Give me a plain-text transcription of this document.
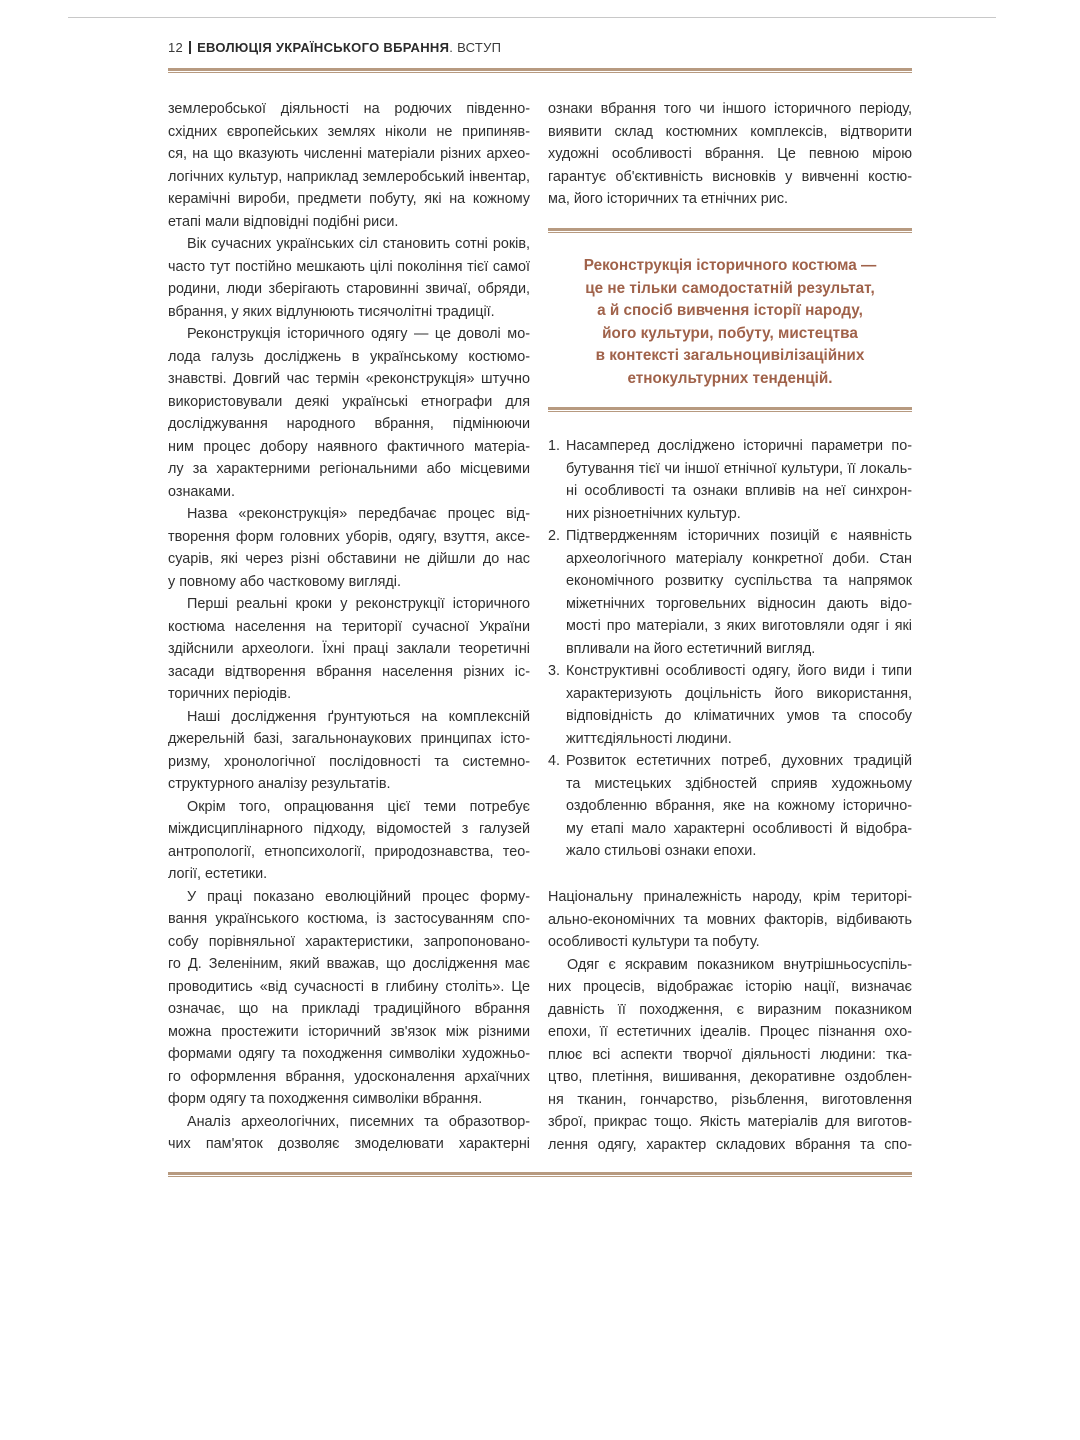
12 ЕВОЛЮЦІЯ УКРАЇНСЬКОГО ВБРАННЯ. ВСТУП
землеробської діяльності на родючих південно-
східних європейських землях ніколи не припиняв-
ся, на що вказують численні матеріали різних архео-
логічних культур, наприклад землеробський інвентар,
керамічні вироби, предмети побуту, які на кожному
етапі мали відповідні подібні риси.
Вік сучасних українських сіл становить сотні років,
часто тут постійно мешкають цілі покоління тієї самої
родини, люди зберігають старовинні звичаї, обряди,
вбрання, у яких відлунюють тисячолітні традиції.
Реконструкція історичного одягу — це доволі мо-
лода галузь досліджень в українському костюмо-
знавстві. Довгий час термін «реконструкція» штучно
використовували деякі українські етнографи для
досліджування народного вбрання, підмінюючи
ним процес добору наявного фактичного матеріа-
лу за характерними регіональними або місцевими
ознаками.
Назва «реконструкція» передбачає процес від-
творення форм головних уборів, одягу, взуття, аксе-
суарів, які через різні обставини не дійшли до нас
у повному або частковому вигляді.
Перші реальні кроки у реконструкції історичного
костюма населення на території сучасної України
здійснили археологи. Їхні праці заклали теоретичні
засади відтворення вбрання населення різних іс-
торичних періодів.
Наші дослідження ґрунтуються на комплексній
джерельній базі, загальнонаукових принципах істо-
ризму, хронологічної послідовності та системно-
структурного аналізу результатів.
Окрім того, опрацювання цієї теми потребує
міждисциплінарного підходу, відомостей з галузей
антропології, етнопсихології, природознавства, тео-
логії, естетики.
У праці показано еволюційний процес форму-
вання українського костюма, із застосуванням спо-
собу порівняльної характеристики, запропоновано-
го Д. Зеленіним, який вважав, що дослідження має
проводитись «від сучасності в глибину століть». Це
означає, що на прикладі традиційного вбрання
можна простежити історичний зв'язок між різними
формами одягу та походження символіки художньо-
го оформлення вбрання, удосконалення архаїчних
форм одягу та походження символіки вбрання.
Аналіз археологічних, писемних та образотвор-
чих пам'яток дозволяє змоделювати характерні
ознаки вбрання того чи іншого історичного періоду,
виявити склад костюмних комплексів, відтворити
художні особливості вбрання. Це певною мірою
гарантує об'єктивність висновків у вивченні костю-
ма, його історичних та етнічних рис.
Реконструкція історичного костюма —
це не тільки самодостатній результат,
а й спосіб вивчення історії народу,
його культури, побуту, мистецтва
в контексті загальноцивілізаційних
етнокультурних тенденцій.
1. Насамперед досліджено історичні параметри по-
бутування тієї чи іншої етнічної культури, її локаль-
ні особливості та ознаки впливів на неї синхрон-
них різноетнічних культур.
2. Підтвердженням історичних позицій є наявність
археологічного матеріалу конкретної доби. Стан
економічного розвитку суспільства та напрямок
міжетнічних торговельних відносин дають відо-
мості про матеріали, з яких виготовляли одяг і які
впливали на його естетичний вигляд.
3. Конструктивні особливості одягу, його види і типи
характеризують доцільність його використання,
відповідність до кліматичних умов та способу
життєдіяльності людини.
4. Розвиток естетичних потреб, духовних традицій
та мистецьких здібностей сприяв художньому
оздобленню вбрання, яке на кожному історично-
му етапі мало характерні особливості й відобра-
жало стильові ознаки епохи.
Національну приналежність народу, крім територі-
ально-економічних та мовних факторів, відбивають
особливості культури та побуту.
Одяг є яскравим показником внутрішньосуспіль-
них процесів, відображає історію нації, визначає
давність її походження, є виразним показником
епохи, її естетичних ідеалів. Процес пізнання охо-
плює всі аспекти творчої діяльності людини: тка-
цтво, плетіння, вишивання, декоративне оздоблен-
ня тканин, гончарство, різьблення, виготовлення
зброї, прикрас тощо. Якість матеріалів для виготов-
лення одягу, характер складових вбрання та спо-
